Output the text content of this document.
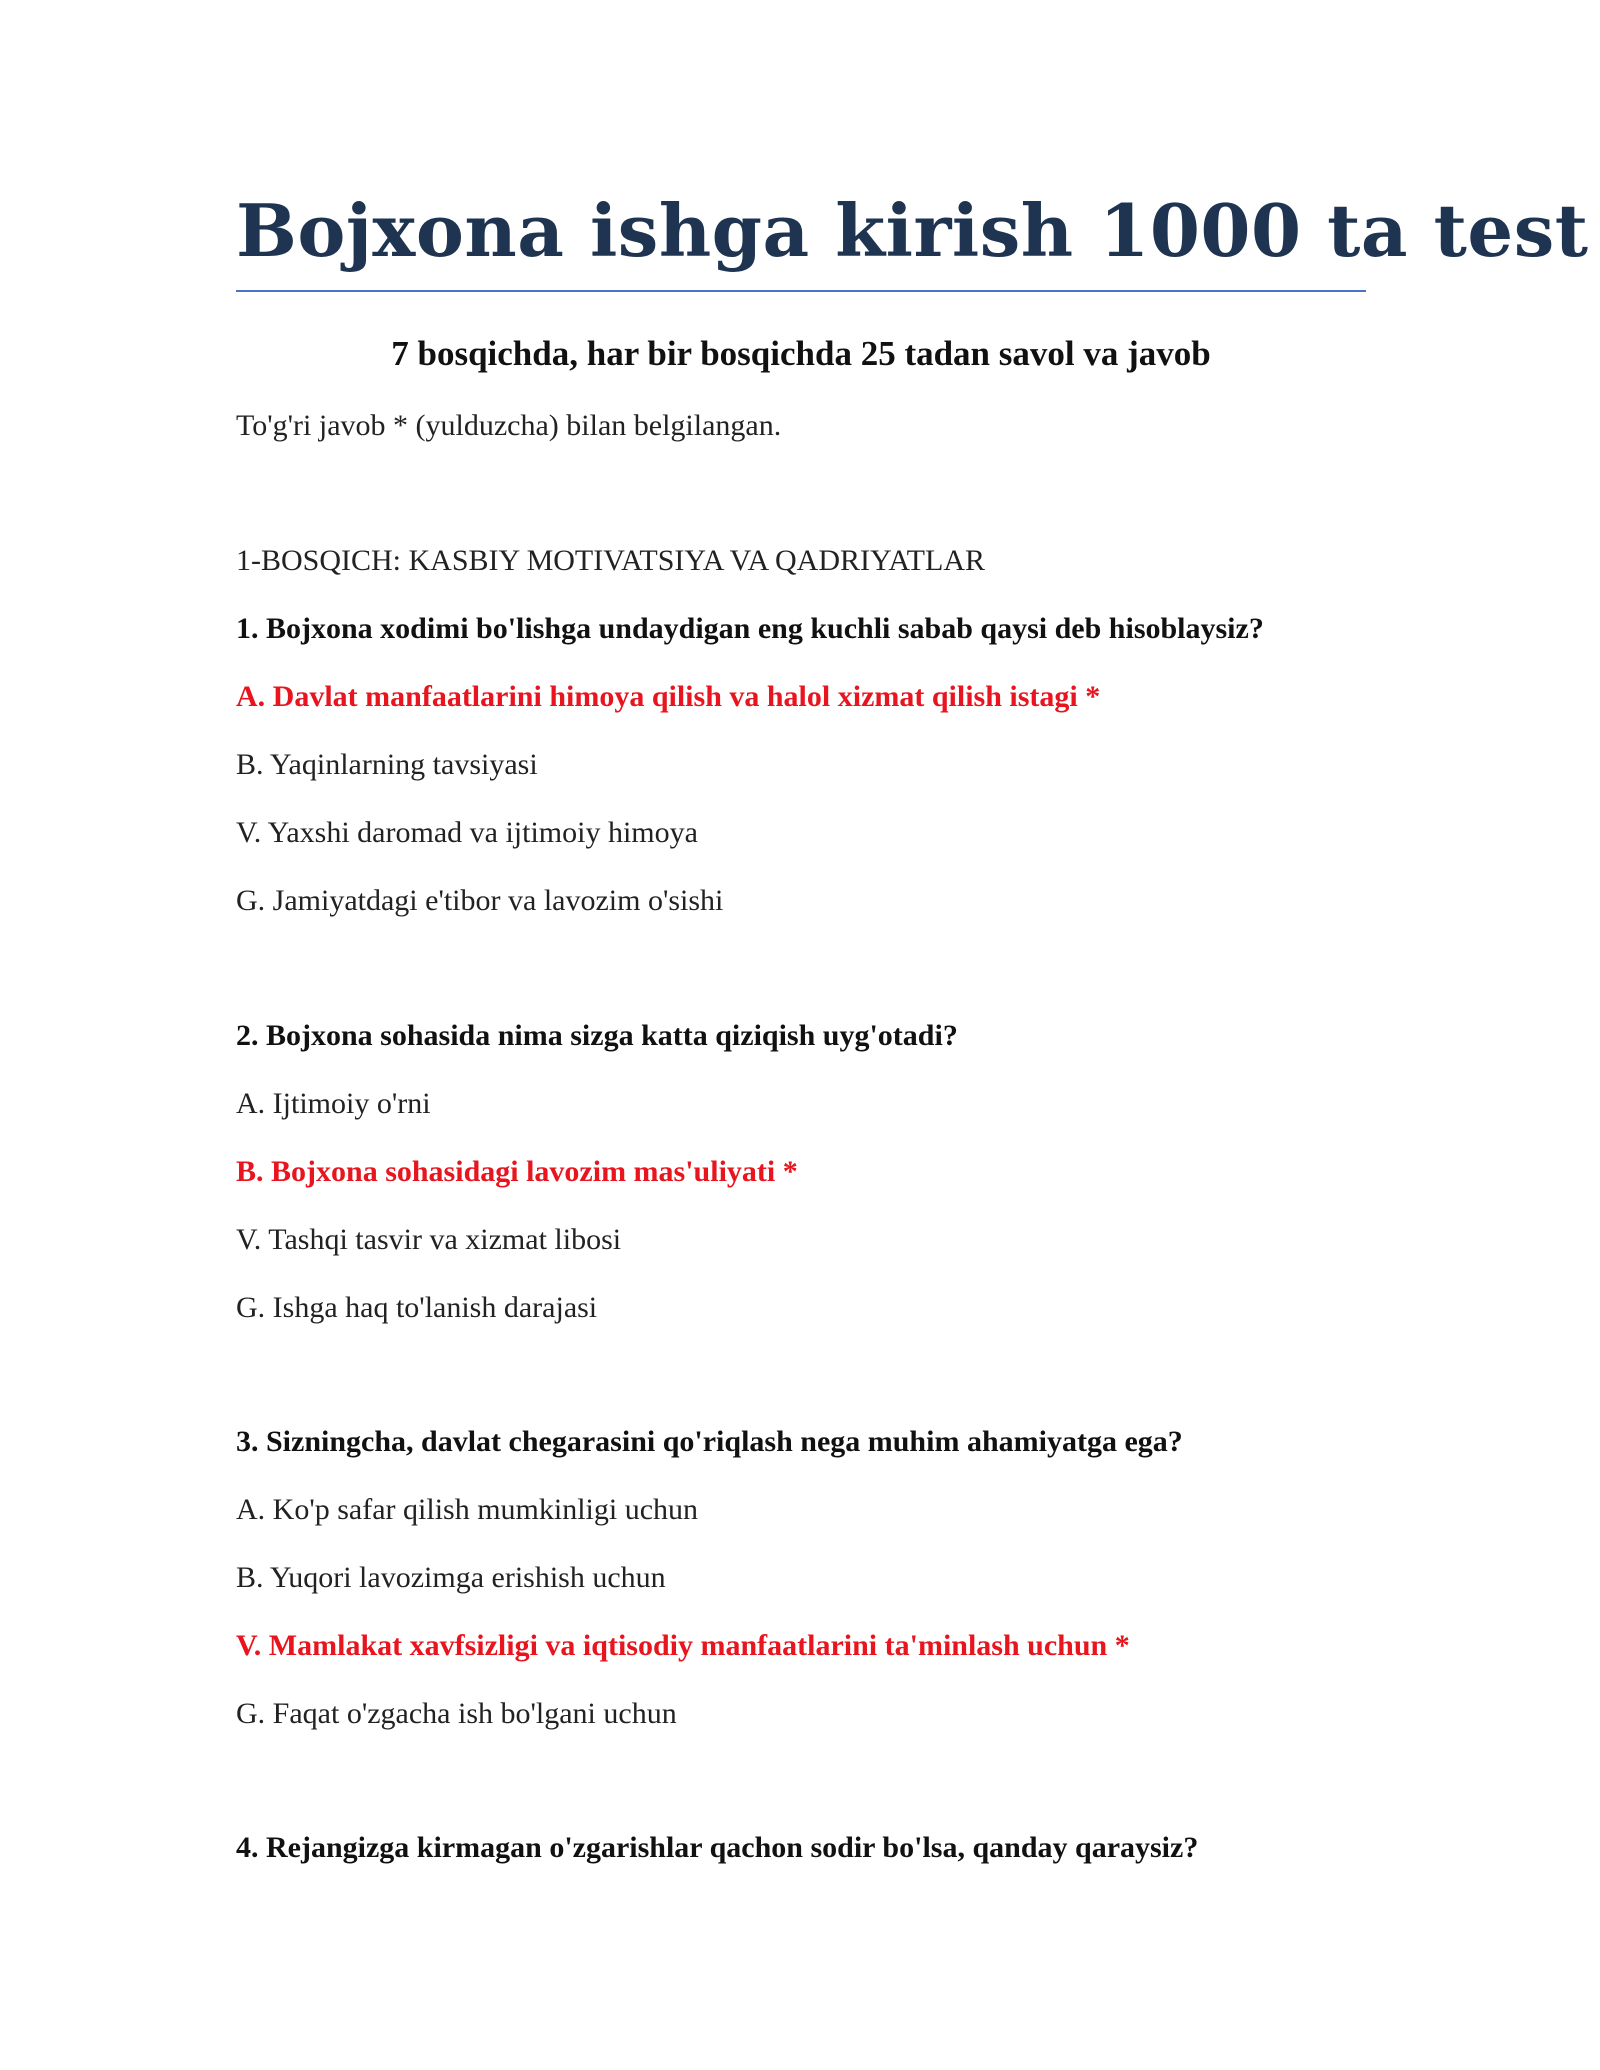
Bojxona ishga kirish 1000 ta test
7 bosqichda, har bir bosqichda 25 tadan savol va javob
To'g'ri javob * (yulduzcha) bilan belgilangan.
1-BOSQICH: KASBIY MOTIVATSIYA VA QADRIYATLAR
1. Bojxona xodimi bo'lishga undaydigan eng kuchli sabab qaysi deb hisoblaysiz?
A. Davlat manfaatlarini himoya qilish va halol xizmat qilish istagi *
B. Yaqinlarning tavsiyasi
V. Yaxshi daromad va ijtimoiy himoya
G. Jamiyatdagi e'tibor va lavozim o'sishi
2. Bojxona sohasida nima sizga katta qiziqish uyg'otadi?
A. Ijtimoiy o'rni
B. Bojxona sohasidagi lavozim mas'uliyati *
V. Tashqi tasvir va xizmat libosi
G. Ishga haq to'lanish darajasi
3. Sizningcha, davlat chegarasini qo'riqlash nega muhim ahamiyatga ega?
A. Ko'p safar qilish mumkinligi uchun
B. Yuqori lavozimga erishish uchun
V. Mamlakat xavfsizligi va iqtisodiy manfaatlarini ta'minlash uchun *
G. Faqat o'zgacha ish bo'lgani uchun
4. Rejangizga kirmagan o'zgarishlar qachon sodir bo'lsa, qanday qaraysiz?
